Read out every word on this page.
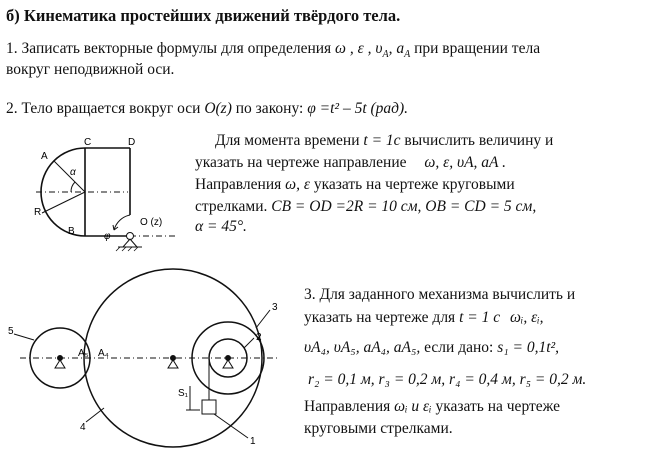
б) Кинематика простейших движений твёрдого тела.
1. Записать векторные формулы для определения ω , ε , $\upsilon_A$, $a_A$ при вращении тела
вокруг неподвижной оси.
2. Тело вращается вокруг оси O(z) по закону: φ =t² – 5t (рад).
Для момента времени t = 1c вычислить величину и
указать на чертеже направление ω, ε, υA, aA .
Направления ω, ε указать на чертеже круговыми
стрелками. CB = OD =2R = 10 см, OB = CD = 5 см,
α = 45°.
C	D
A
α
R
B	φ
O (z)
5
4
2
3
1
A₅ A₄
S₁
3. Для заданного механизма вычислить и
указать на чертеже для t = 1 c ωᵢ, εᵢ,
υA₄, υA₅, aA₄, aA₅, если дано: s₁ = 0,1t²,
r₂ = 0,1 м, r₃ = 0,2 м, r₄ = 0,4 м, r₅ = 0,2 м.
Направления ωᵢ и εᵢ указать на чертеже
круговыми стрелками.
